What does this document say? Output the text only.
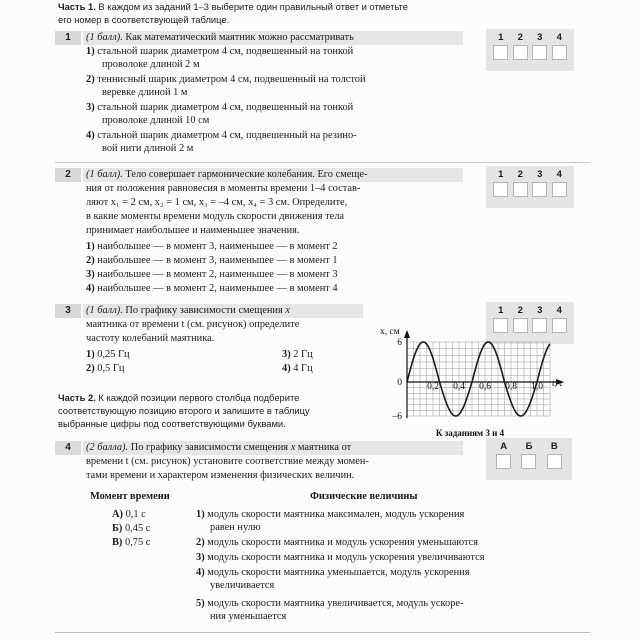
Часть 1. В каждом из заданий 1–3 выберите один правильный ответ и отметьте
его номер в соответствующей таблице.
1	(1 балл). Как математический маятник можно рассматривать	1 2 3 4
1) стальной шарик диаметром 4 см, подвешенный на тонкой
проволоке длиной 2 м
2) теннисный шарик диаметром 4 см, подвешенный на толстой
веревке длиной 1 м
3) стальной шарик диаметром 4 см, подвешенный на тонкой
проволоке длиной 10 см
4) стальной шарик диаметром 4 см, подвешенный на резино-
вой нити длиной 2 м
2	(1 балл). Тело совершает гармонические колебания. Его смеще-
ния от положения равновесия в моменты времени 1–4 состав-
ляют x₁ = 2 см, x₂ = 1 см, x₃ = –4 см, x₄ = 3 см. Определите,
в какие моменты времени модуль скорости движения тела
принимает наибольшее и наименьшее значения.
1 2 3 4
1) наибольшее — в момент 3, наименьшее — в момент 2
2) наибольшее — в момент 3, наименьшее — в момент 1
3) наибольшее — в момент 2, наименьшее — в момент 3
4) наибольшее — в момент 2, наименьшее — в момент 4
3	(1 балл). По графику зависимости смещения x
маятника от времени t (см. рисунок) определите
частоту колебаний маятника.
1 2 3 4
1) 0,25 Гц
2) 0,5 Гц
3) 2 Гц
4) 4 Гц
x, см
t, с
6
0
–6
0,2 0,4 0,6 0,8 1,0
К заданиям 3 и 4
Часть 2. К каждой позиции первого столбца подберите
соответствующую позицию второго и запишите в таблицу
выбранные цифры под соответствующими буквами.
4	(2 балла). По графику зависимости смещения x маятника от
времени t (см. рисунок) установите соответствие между момен-
тами времени и характером изменения физических величин.
А Б В
Момент времени	Физические величины
А) 0,1 с
Б) 0,45 с
В) 0,75 с
1) модуль скорости маятника максимален, модуль ускорения
равен нулю
2) модуль скорости маятника и модуль ускорения уменьшаются
3) модуль скорости маятника и модуль ускорения увеличиваются
4) модуль скорости маятника уменьшается, модуль ускорения
увеличивается
5) модуль скорости маятника увеличивается, модуль ускоре-
ния уменьшается
